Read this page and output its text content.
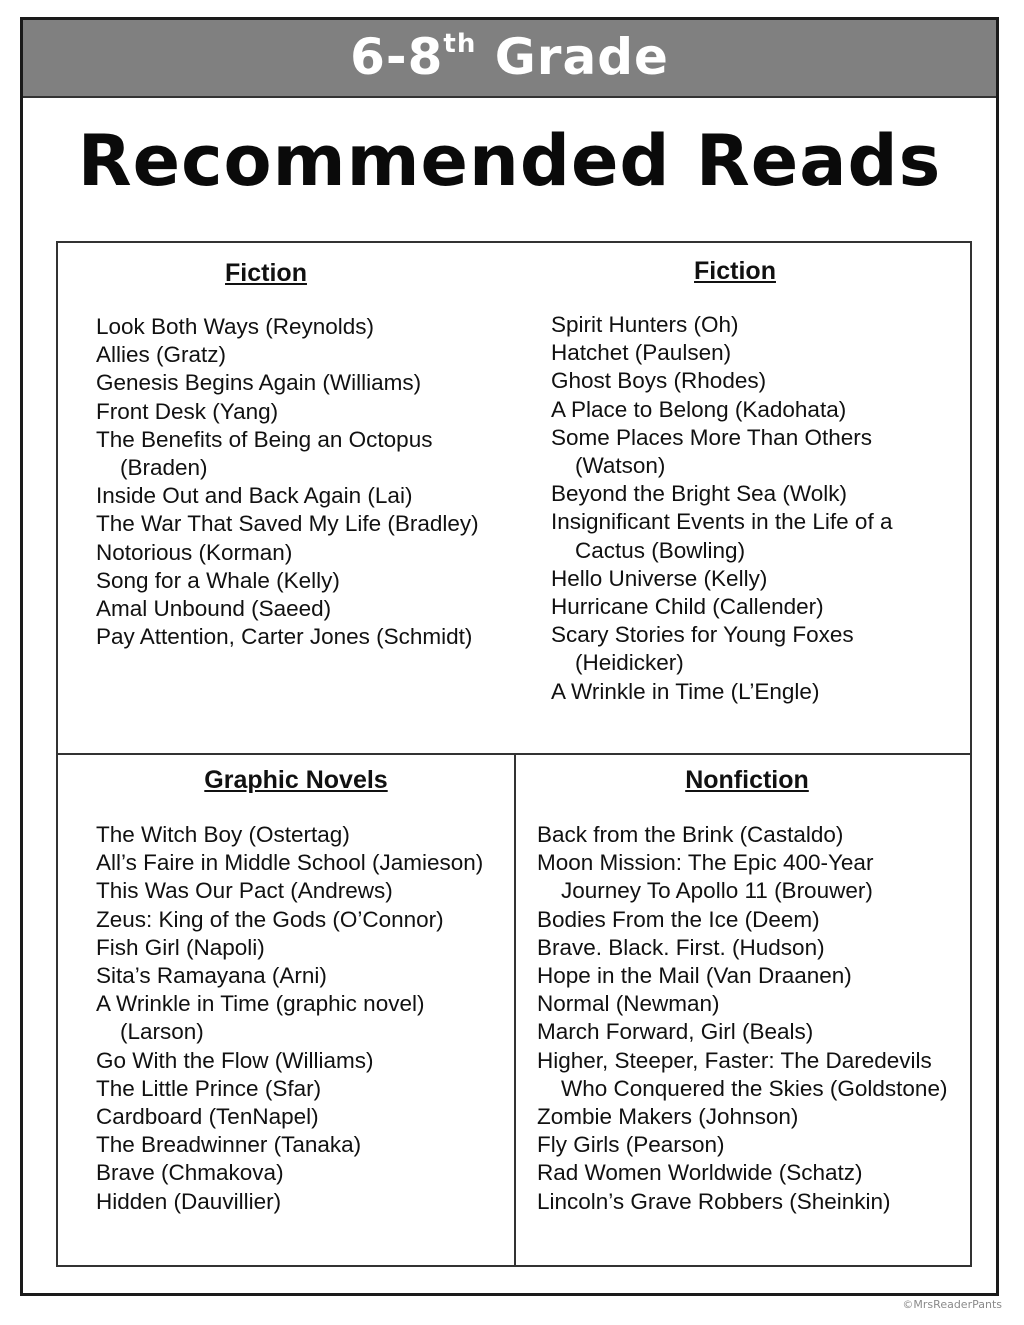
6-8th Grade
Recommended Reads
Fiction
Look Both Ways (Reynolds)
Allies (Gratz)
Genesis Begins Again (Williams)
Front Desk (Yang)
The Benefits of Being an Octopus (Braden)
Inside Out and Back Again (Lai)
The War That Saved My Life (Bradley)
Notorious (Korman)
Song for a Whale (Kelly)
Amal Unbound (Saeed)
Pay Attention, Carter Jones (Schmidt)
Fiction
Spirit Hunters (Oh)
Hatchet (Paulsen)
Ghost Boys (Rhodes)
A Place to Belong (Kadohata)
Some Places More Than Others (Watson)
Beyond the Bright Sea (Wolk)
Insignificant Events in the Life of a Cactus (Bowling)
Hello Universe (Kelly)
Hurricane Child (Callender)
Scary Stories for Young Foxes (Heidicker)
A Wrinkle in Time (L’Engle)
Graphic Novels
The Witch Boy (Ostertag)
All’s Faire in Middle School (Jamieson)
This Was Our Pact (Andrews)
Zeus: King of the Gods (O’Connor)
Fish Girl (Napoli)
Sita’s Ramayana (Arni)
A Wrinkle in Time (graphic novel) (Larson)
Go With the Flow (Williams)
The Little Prince (Sfar)
Cardboard (TenNapel)
The Breadwinner (Tanaka)
Brave (Chmakova)
Hidden (Dauvillier)
Nonfiction
Back from the Brink (Castaldo)
Moon Mission: The Epic 400-Year Journey To Apollo 11 (Brouwer)
Bodies From the Ice (Deem)
Brave. Black. First. (Hudson)
Hope in the Mail (Van Draanen)
Normal (Newman)
March Forward, Girl (Beals)
Higher, Steeper, Faster: The Daredevils Who Conquered the Skies (Goldstone)
Zombie Makers (Johnson)
Fly Girls (Pearson)
Rad Women Worldwide (Schatz)
Lincoln’s Grave Robbers (Sheinkin)

©MrsReaderPants
